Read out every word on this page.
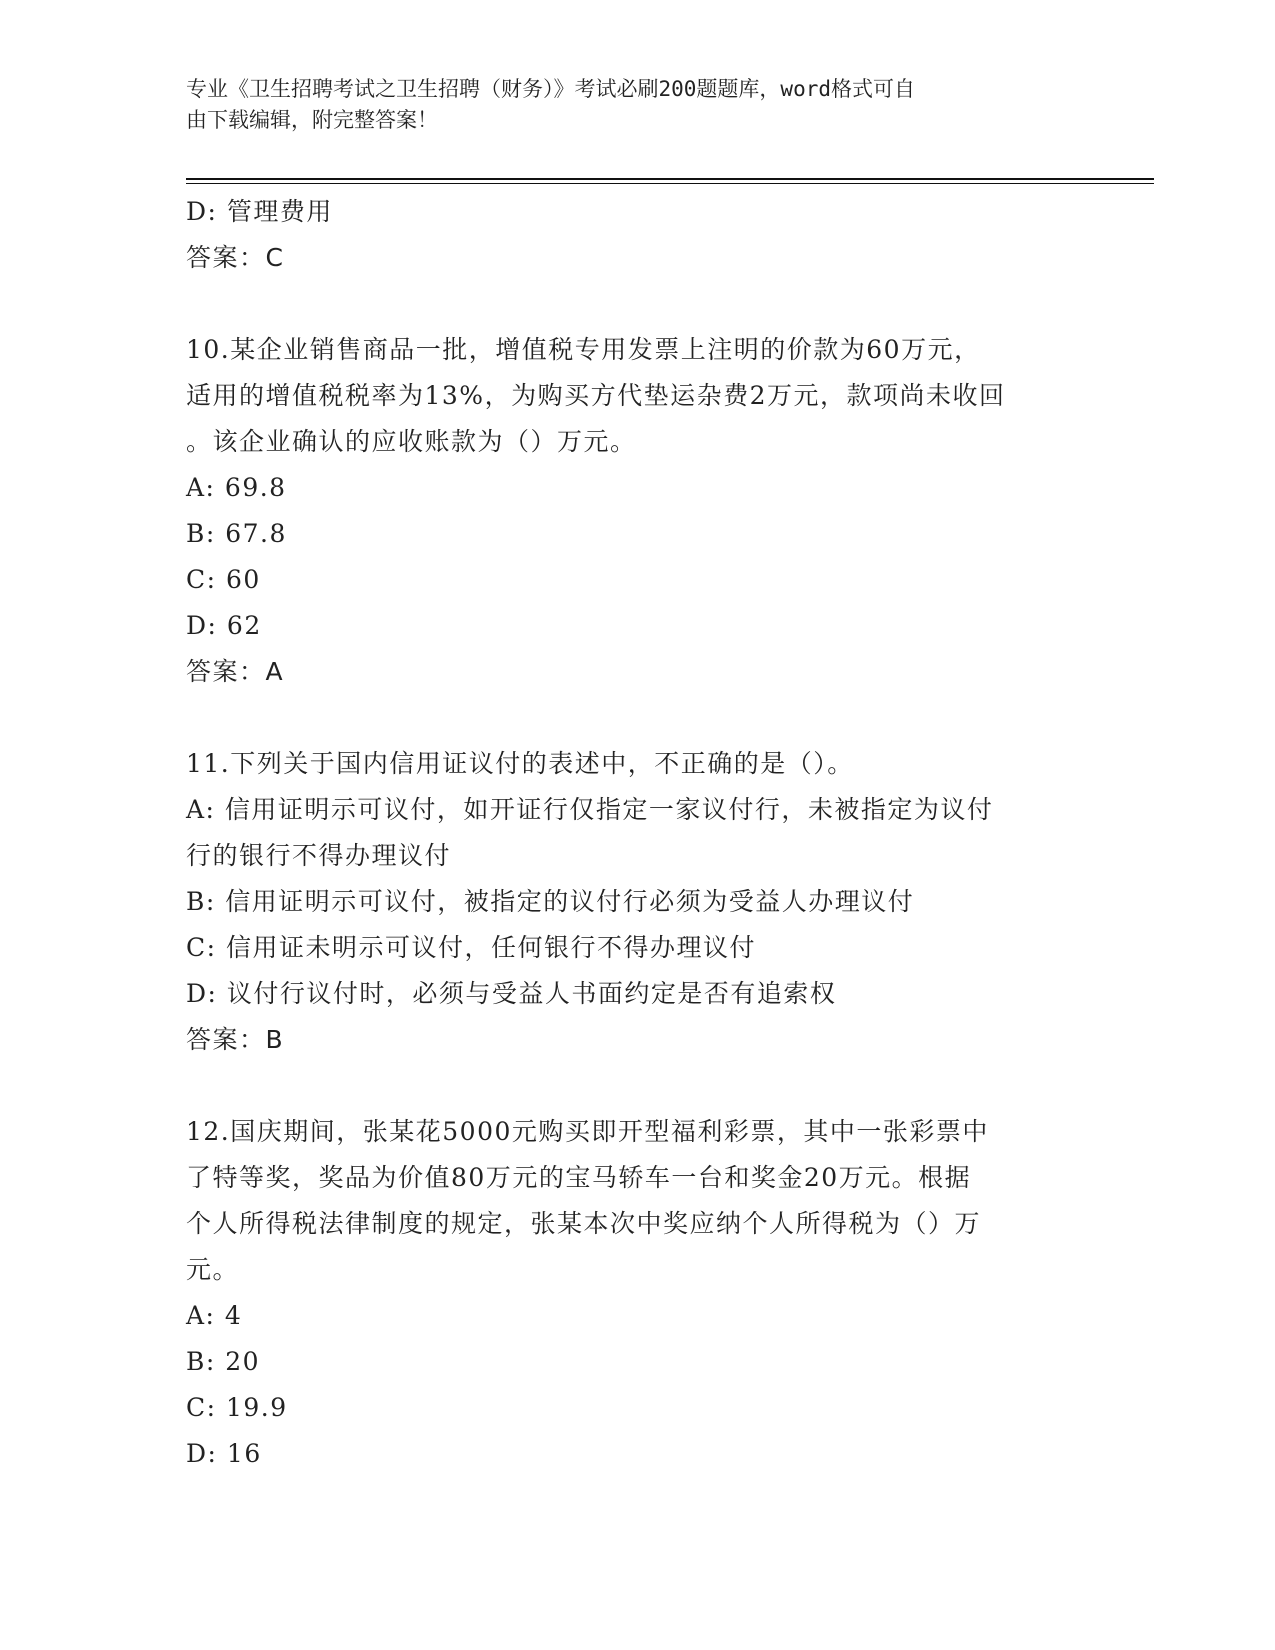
专业《卫生招聘考试之卫生招聘（财务）》考试必刷200题题库，word格式可自
由下载编辑，附完整答案！
D: 管理费用
答案：C
10.某企业销售商品一批，增值税专用发票上注明的价款为60万元，
适用的增值税税率为13%，为购买方代垫运杂费2万元，款项尚未收回
。该企业确认的应收账款为（）万元。
A: 69.8
B: 67.8
C: 60
D: 62
答案：A
11.下列关于国内信用证议付的表述中，不正确的是（）。
A: 信用证明示可议付，如开证行仅指定一家议付行，未被指定为议付
行的银行不得办理议付
B: 信用证明示可议付，被指定的议付行必须为受益人办理议付
C: 信用证未明示可议付，任何银行不得办理议付
D: 议付行议付时，必须与受益人书面约定是否有追索权
答案：B
12.国庆期间，张某花5000元购买即开型福利彩票，其中一张彩票中
了特等奖，奖品为价值80万元的宝马轿车一台和奖金20万元。根据
个人所得税法律制度的规定，张某本次中奖应纳个人所得税为（）万
元。
A: 4
B: 20
C: 19.9
D: 16
